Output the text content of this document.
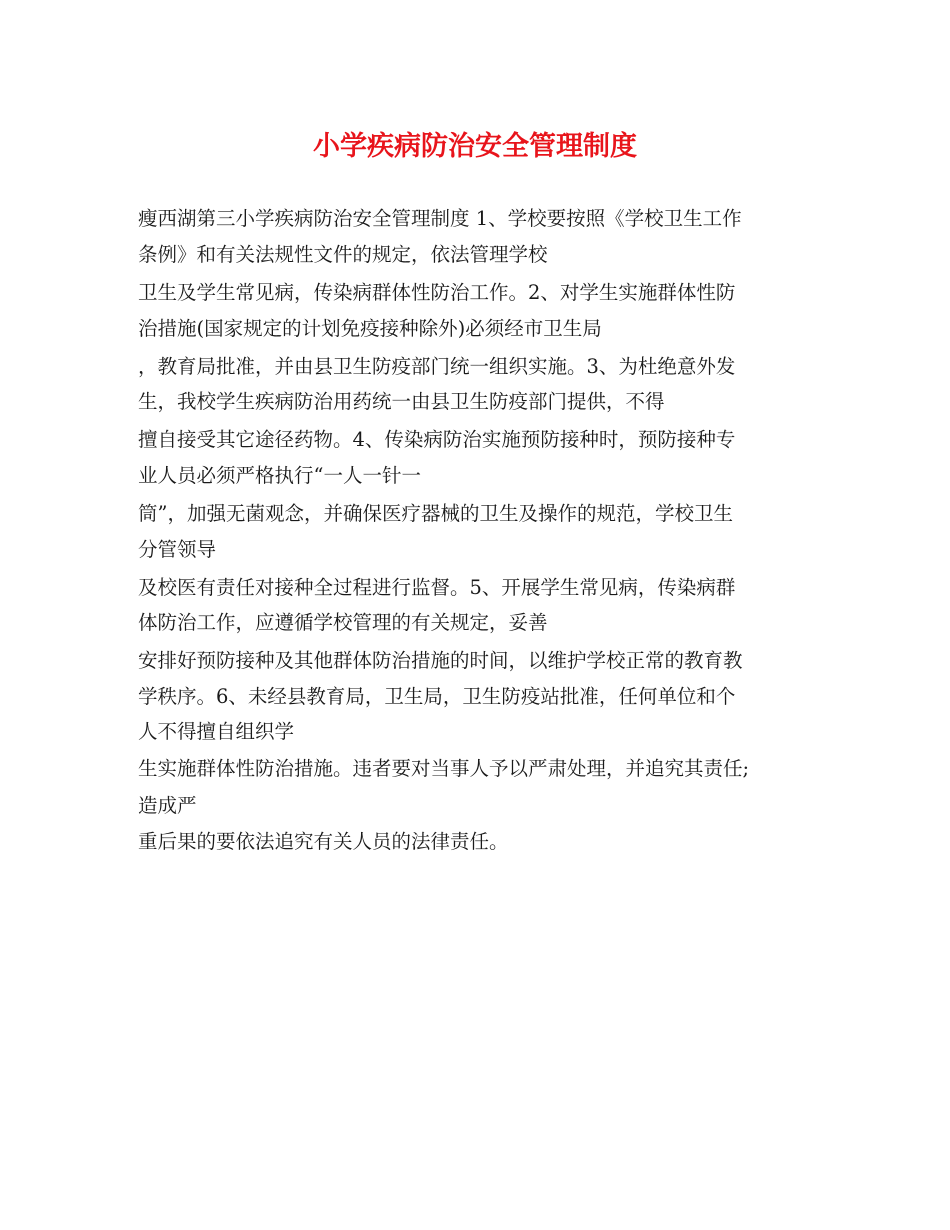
小学疾病防治安全管理制度
瘦西湖第三小学疾病防治安全管理制度 1、学校要按照《学校卫生工作
条例》和有关法规性文件的规定，依法管理学校
卫生及学生常见病，传染病群体性防治工作。2、对学生实施群体性防
治措施(国家规定的计划免疫接种除外)必须经市卫生局
，教育局批准，并由县卫生防疫部门统一组织实施。3、为杜绝意外发
生，我校学生疾病防治用药统一由县卫生防疫部门提供，不得
擅自接受其它途径药物。4、传染病防治实施预防接种时，预防接种专
业人员必须严格执行“一人一针一
筒”，加强无菌观念，并确保医疗器械的卫生及操作的规范，学校卫生
分管领导
及校医有责任对接种全过程进行监督。5、开展学生常见病，传染病群
体防治工作，应遵循学校管理的有关规定，妥善
安排好预防接种及其他群体防治措施的时间，以维护学校正常的教育教
学秩序。6、未经县教育局，卫生局，卫生防疫站批准，任何单位和个
人不得擅自组织学
生实施群体性防治措施。违者要对当事人予以严肃处理，并追究其责任;
造成严
重后果的要依法追究有关人员的法律责任。
